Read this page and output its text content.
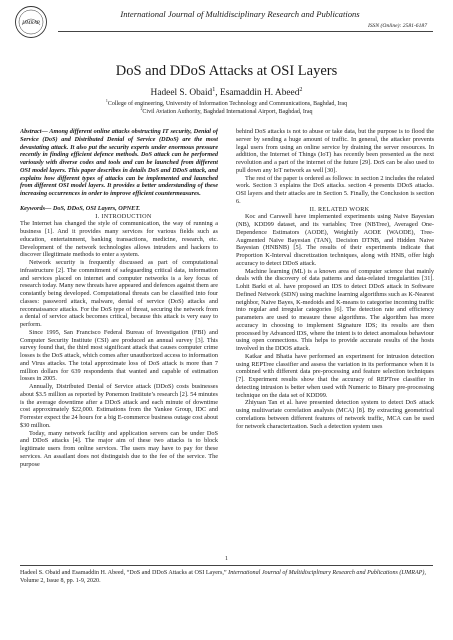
IJMRAP
International Journal of Multidisciplinary Research and Publications
ISSN (Online): 2581-6187
DoS and DDoS Attacks at OSI Layers
Hadeel S. Obaid$^1$, Esamaddin H. Abeed$^2$
$^1$College of engineering, University of Information Technology and Communications, Baghdad, Iraq
$^2$Civil Aviation Authority, Baghdad International Airport, Baghdad, Iraq

Abstract— Among different online attacks obstructing IT security, Denial of Service (DoS) and Distributed Denial of Service (DDoS) are the most devastating attack. It also put the security experts under enormous pressure recently in finding efficient defence methods. DoS attack can be performed variously with diverse codes and tools and can be launched from different OSI model layers. This paper describes in details DoS and DDoS attack, and explains how different types of attacks can be implemented and launched from different OSI model layers. It provides a better understanding of these increasing occurrences in order to improve efficient countermeasures.

Keywords— DoS, DDoS, OSI Layers, OPNET.

I. INTRODUCTION

The Internet has changed the style of communication, the way of running a business [1]. And it provides many services for various fields such as education, entertainment, banking transactions, medicine, research, etc. Development of the network technologies allows intruders and hackers to discover illegitimate methods to enter a system.

Network security is frequently discussed as part of computational infrastructure [2]. The commitment of safeguarding critical data, information and services placed on internet and computer networks is a key focus of research today. Many new threats have appeared and defences against them are constantly being developed. Computational threats can be classified into four classes: password attack, malware, denial of service (DoS) attacks and reconnaissance attacks. For the DoS type of threat, securing the network from a denial of service attack becomes critical, because this attack is very easy to perform.

Since 1995, San Francisco Federal Bureau of Investigation (FBI) and Computer Security Institute (CSI) are produced an annual survey [3]. This survey found that, the third most significant attack that causes computer crime losses is the DoS attack, which comes after unauthorized access to information and Virus attacks. The total approximate loss of DoS attack is more than 7 million dollars for 639 respondents that wanted and capable of estimation losses in 2005.

Annually, Distributed Denial of Service attack (DDoS) costs businesses about $3.5 million as reported by Ponemon Institute’s research [2]. 54 minutes is the average downtime after a DDoS attack and each minute of downtime cost approximately $22,000. Estimations from the Yankee Group, IDC and Forrester expect the 24 hours for a big E-commerce business outage cost about $30 million.

Today, many network facility and application servers can be under DoS and DDoS attacks [4]. The major aim of these two attacks is to block legitimate users from online services. The users may have to pay for these services. An assailant does not distinguish due to the fee of the service. The purpose

behind DoS attacks is not to abuse or take data, but the purpose is to flood the server by sending a huge amount of traffic. In general, the attacker prevents legal users from using an online service by draining the server resources. In addition, the Internet of Things (IoT) has recently been presented as the next revolution and a part of the internet of the future [29]. DoS can be also used to pull down any IoT network as well [30].

The rest of the paper is ordered as follows: in section 2 includes the related work. Section 3 explains the DoS attacks. section 4 presents DDoS attacks. OSI layers and their attacks are in Section 5. Finally, the Conclusion is section 6.

II. RELATED WORK

Koc and Carswell have implemented experiments using Naive Bayesian (NB), KDD99 dataset, and its variables; Tree (NBTree), Averaged One-Dependence Estimators (AODE), Weightily AODE (WAODE), Tree-Augmented Naive Bayesian (TAN), Decision DTNB, and Hidden Naive Bayesian (HNBNB) [5]. The results of their experiments indicate that Proportion K-Interval discretization techniques, along with HNB, offer high accuracy to detect DDoS attack.

Machine learning (ML) is a known area of computer science that mainly deals with the discovery of data patterns and data-related irregularities [31]. Lohit Barki et al. have proposed an IDS to detect DDoS attack in Software Defined Network (SDN) using machine learning algorithms such as K-Nearest neighbor, Naive Bayes, K-medoids and K-means to categorise incoming traffic into regular and irregular categories [6]. The detection rate and efficiency parameters are used to measure these algorithms. The algorithm has more accuracy in choosing to implement Signature IDS; its results are then processed by Advanced IDS, where the intent is to detect anomalous behaviour using open connections. This helps to provide accurate results of the hosts involved in the DDOS attack.

Katkar and Bhatia have performed an experiment for intrusion detection using REPTree classifier and assess the variation in its performance when it is combined with different data pre-processing and feature selection techniques [7]. Experiment results show that the accuracy of REPTree classifier in detecting intrusion is better when used with Numeric to Binary pre-processing technique on the data set of KDD99.

Zhiyuan Tan et al. have presented detection system to detect DoS attack using multivariate correlation analysis (MCA) [8]. By extracting geometrical correlations between different features of network traffic, MCA can be used for network characterization. Such a detection system uses

1
Hadeel S. Obaid and Esamaddin H. Abeed, “DoS and DDoS Attacks at OSI Layers,” International Journal of Multidisciplinary Research and Publications (IJMRAP), Volume 2, Issue 8, pp. 1-9, 2020.
